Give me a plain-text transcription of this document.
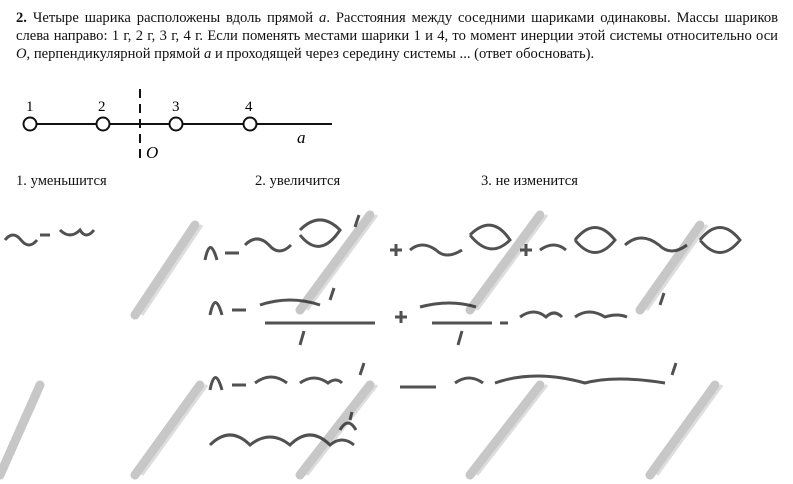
2. Четыре шарика расположены вдоль прямой a. Расстояния между соседними шариками одинаковы. Массы шариков слева направо: 1 г, 2 г, 3 г, 4 г. Если поменять местами шарики 1 и 4, то момент инерции этой системы относительно оси O, перпендикулярной прямой a и проходящей через середину системы ... (ответ обосновать).
1	2	3	4
O
a
1. уменьшится	2. увеличится	3. не изменится
